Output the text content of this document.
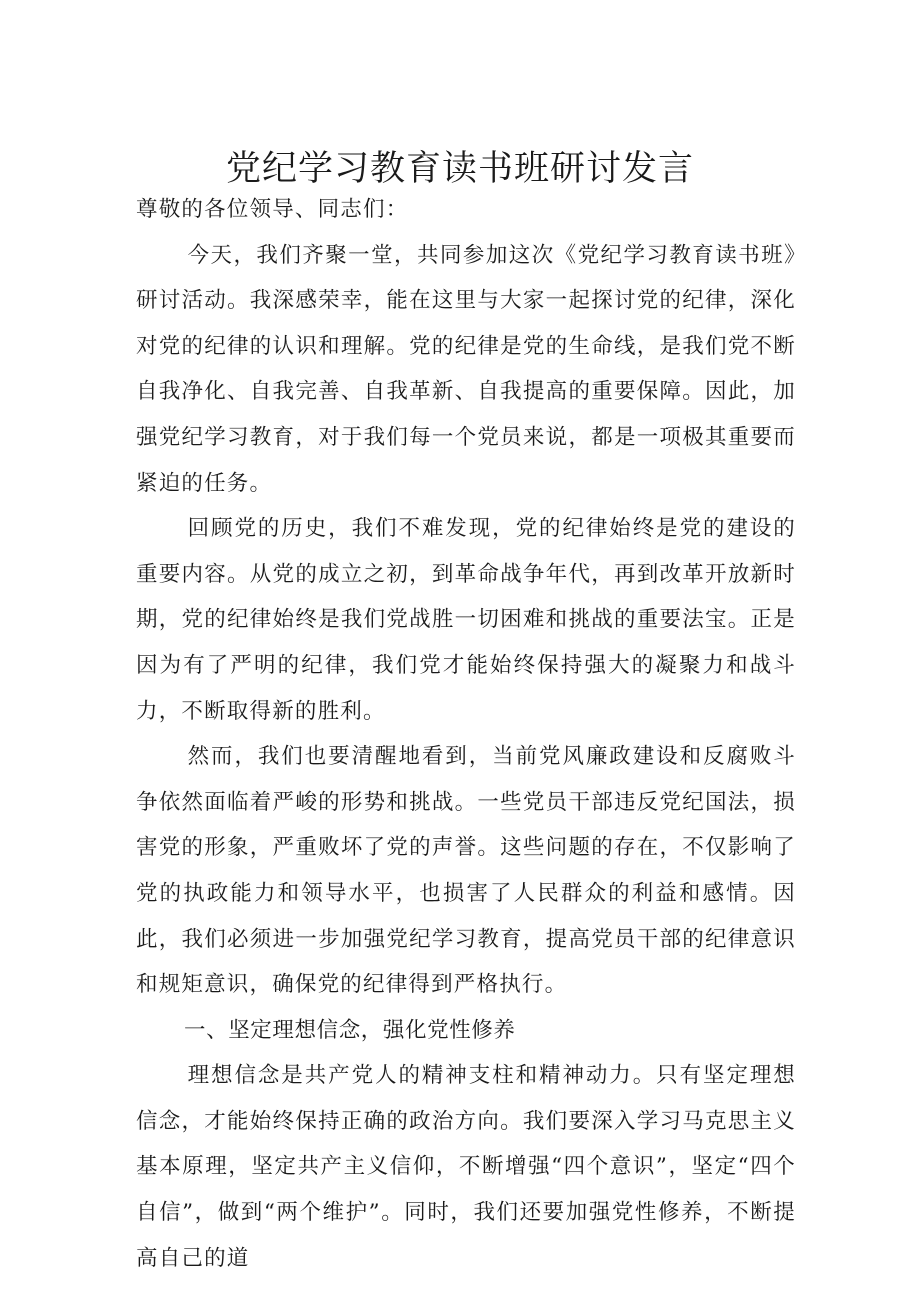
党纪学习教育读书班研讨发言

尊敬的各位领导、同志们：

今天，我们齐聚一堂，共同参加这次《党纪学习教育读书班》研讨活动。我深感荣幸，能在这里与大家一起探讨党的纪律，深化对党的纪律的认识和理解。党的纪律是党的生命线，是我们党不断自我净化、自我完善、自我革新、自我提高的重要保障。因此，加强党纪学习教育，对于我们每一个党员来说，都是一项极其重要而紧迫的任务。

回顾党的历史，我们不难发现，党的纪律始终是党的建设的重要内容。从党的成立之初，到革命战争年代，再到改革开放新时期，党的纪律始终是我们党战胜一切困难和挑战的重要法宝。正是因为有了严明的纪律，我们党才能始终保持强大的凝聚力和战斗力，不断取得新的胜利。

然而，我们也要清醒地看到，当前党风廉政建设和反腐败斗争依然面临着严峻的形势和挑战。一些党员干部违反党纪国法，损害党的形象，严重败坏了党的声誉。这些问题的存在，不仅影响了党的执政能力和领导水平，也损害了人民群众的利益和感情。因此，我们必须进一步加强党纪学习教育，提高党员干部的纪律意识和规矩意识，确保党的纪律得到严格执行。

一、坚定理想信念，强化党性修养

理想信念是共产党人的精神支柱和精神动力。只有坚定理想信念，才能始终保持正确的政治方向。我们要深入学习马克思主义基本原理，坚定共产主义信仰，不断增强“四个意识”，坚定“四个自信”，做到“两个维护”。同时，我们还要加强党性修养，不断提高自己的道
